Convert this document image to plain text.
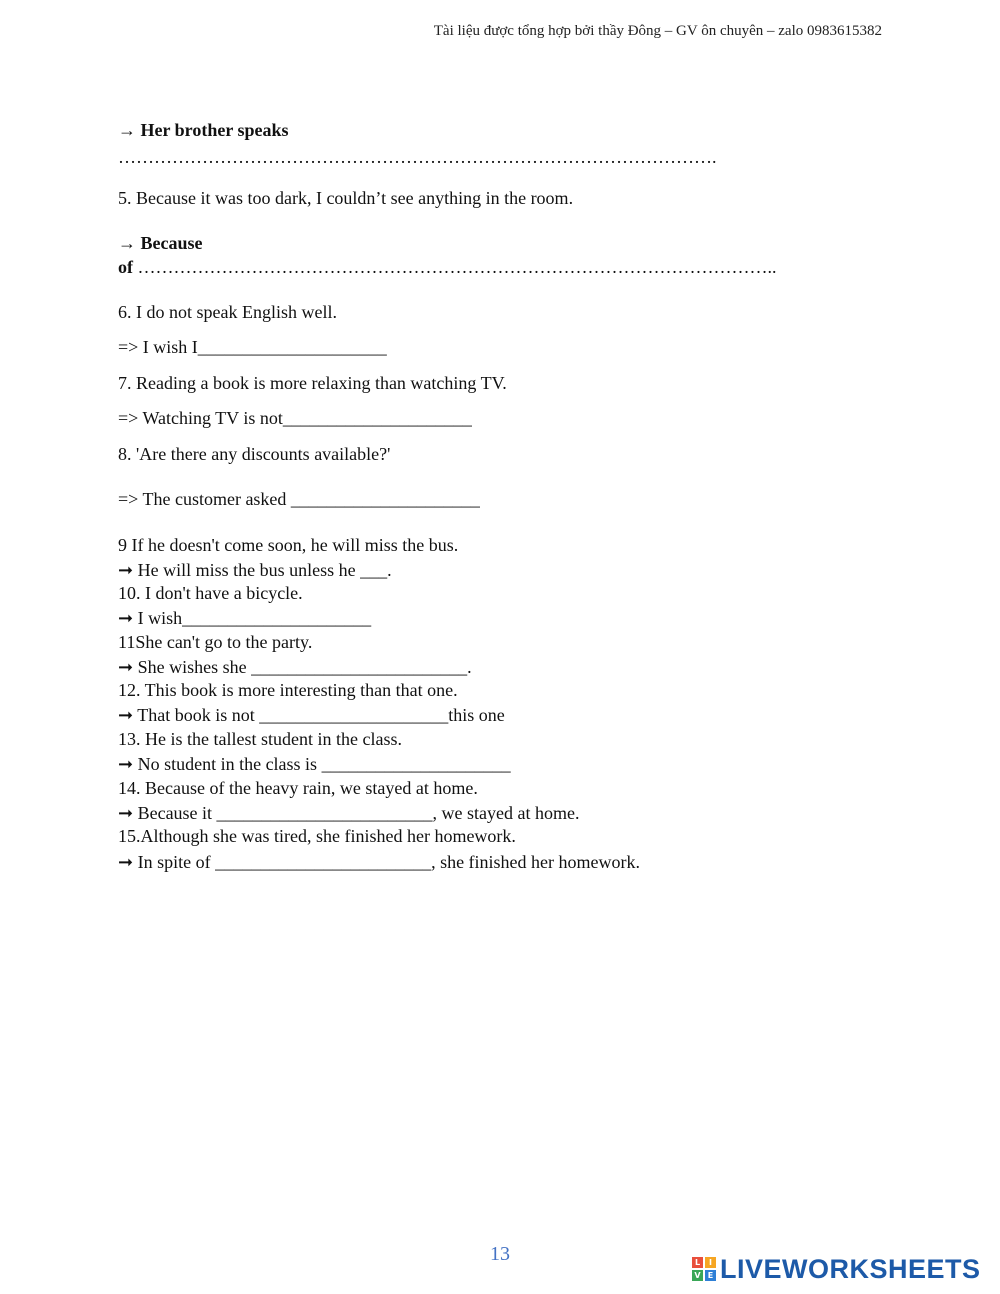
Tài liệu được tổng hợp bởi thầy Đông – GV ôn chuyên – zalo 0983615382
→ Her brother speaks
……………………………………………………………………………………….
5. Because it was too dark, I couldn’t see anything in the room.
→ Because
of ……………………………………………………………………………………………..
6. I do not speak English well.
=> I wish I_____________________
7. Reading a book is more relaxing than watching TV.
=> Watching TV is not_____________________
8. 'Are there any discounts available?'
=> The customer asked _____________________
9 If he doesn't come soon, he will miss the bus.
➞ He will miss the bus unless he ___.
10. I don't have a bicycle.
➞ I wish_____________________
11She can't go to the party.
➞ She wishes she ________________________.
12. This book is more interesting than that one.
➞ That book is not _____________________this one
13. He is the tallest student in the class.
➞ No student in the class is _____________________
14. Because of the heavy rain, we stayed at home.
➞ Because it ________________________, we stayed at home.
15.Although she was tired, she finished her homework.
➞ In spite of ________________________, she finished her homework.
13	L	I
V E LIVEWORKSHEETS
